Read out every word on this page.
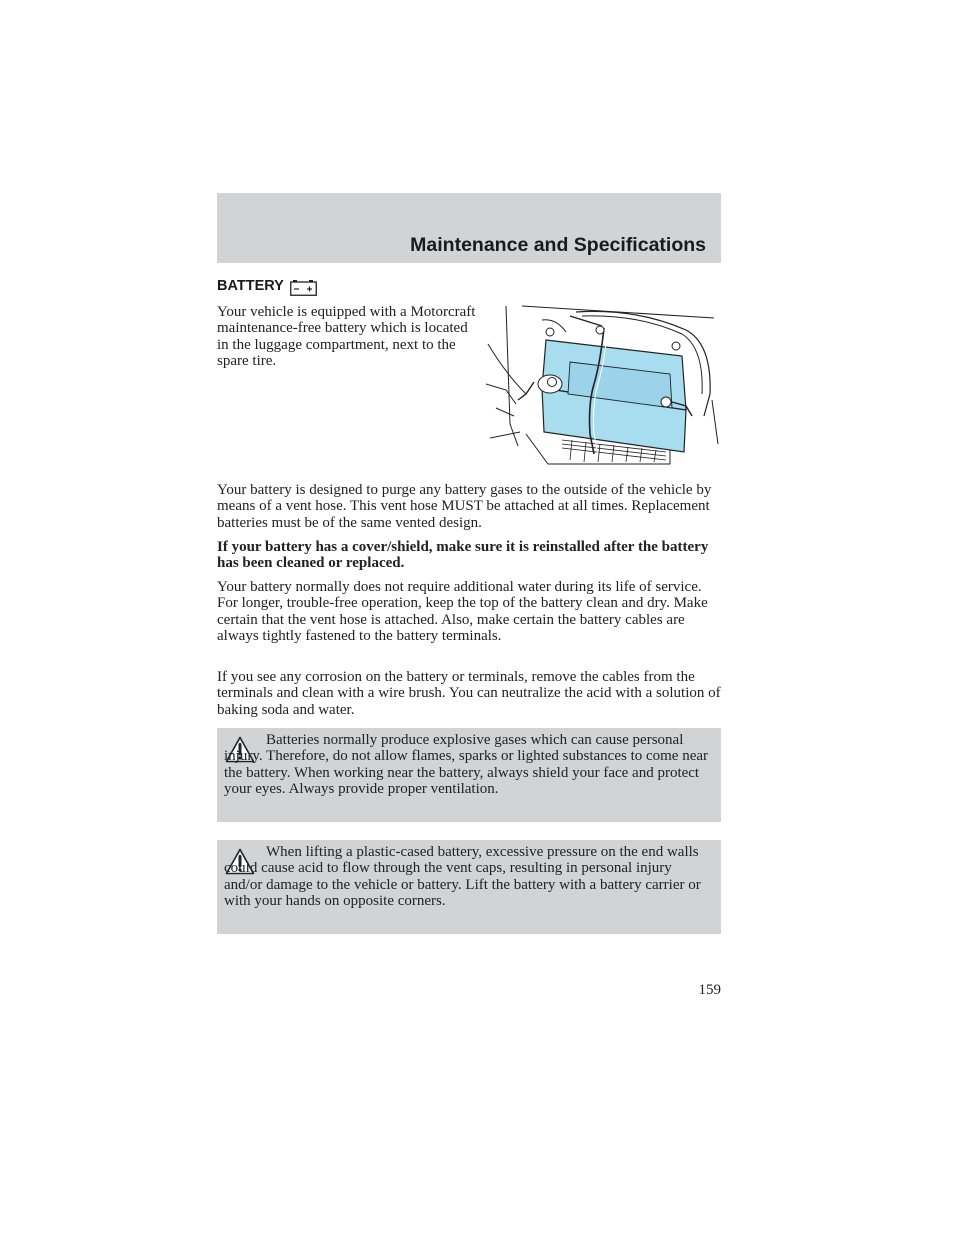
Maintenance and Specifications
BATTERY

Your vehicle is equipped with a Motorcraft maintenance-free battery which is located in the luggage compartment, next to the spare tire.

Your battery is designed to purge any battery gases to the outside of the vehicle by means of a vent hose. This vent hose MUST be attached at all times. Replacement batteries must be of the same vented design.

If your battery has a cover/shield, make sure it is reinstalled after the battery has been cleaned or replaced.

Your battery normally does not require additional water during its life of service. For longer, trouble-free operation, keep the top of the battery clean and dry. Make certain that the vent hose is attached. Also, make certain the battery cables are always tightly fastened to the battery terminals.

If you see any corrosion on the battery or terminals, remove the cables from the terminals and clean with a wire brush. You can neutralize the acid with a solution of baking soda and water.

Batteries normally produce explosive gases which can cause personal injury. Therefore, do not allow flames, sparks or lighted substances to come near the battery. When working near the battery, always shield your face and protect your eyes. Always provide proper ventilation.

When lifting a plastic-cased battery, excessive pressure on the end walls could cause acid to flow through the vent caps, resulting in personal injury and/or damage to the vehicle or battery. Lift the battery with a battery carrier or with your hands on opposite corners.

159
